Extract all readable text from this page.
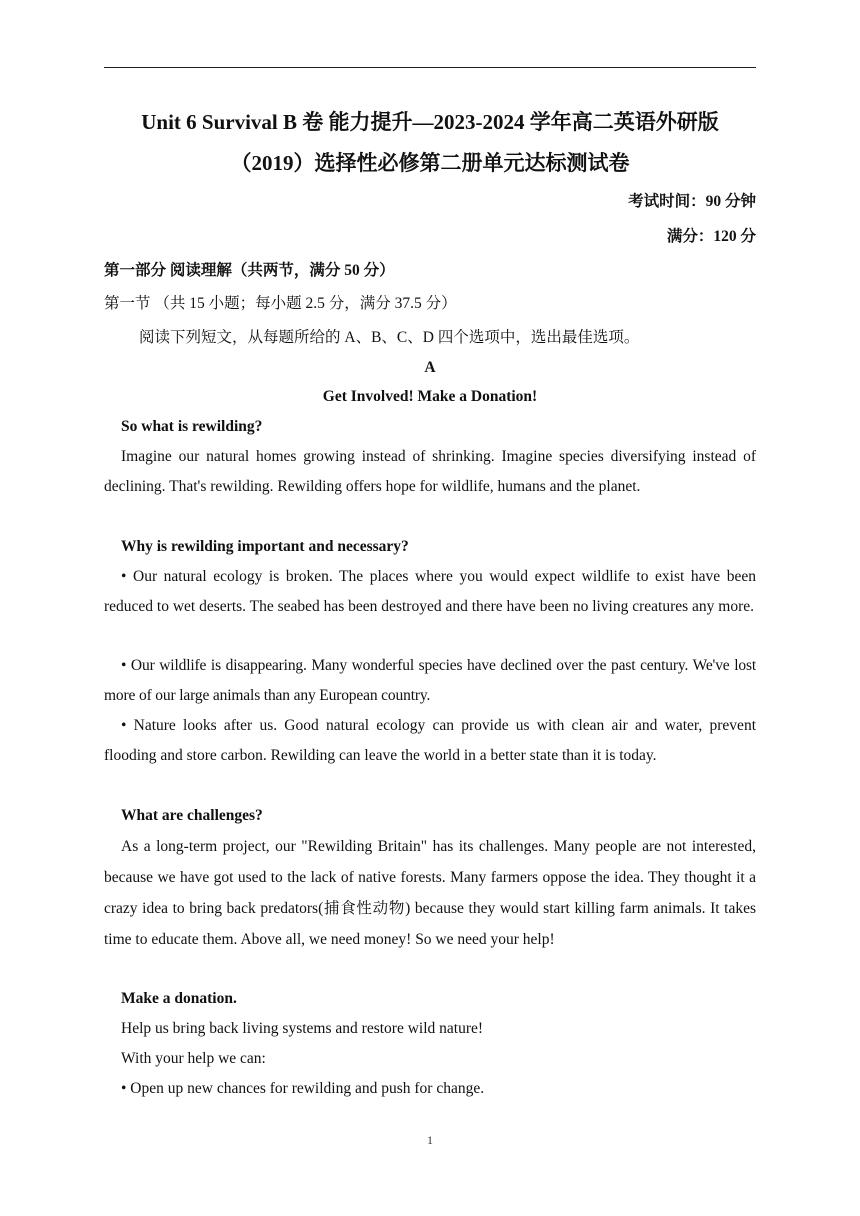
Unit 6 Survival B 卷 能力提升—2023-2024 学年高二英语外研版
（2019）选择性必修第二册单元达标测试卷
考试时间：90 分钟
满分：120 分
第一部分 阅读理解（共两节，满分 50 分）
第一节 （共 15 小题；每小题 2.5 分，满分 37.5 分）
阅读下列短文，从每题所给的 A、B、C、D 四个选项中，选出最佳选项。
A
Get Involved! Make a Donation!
So what is rewilding?

Imagine our natural homes growing instead of shrinking. Imagine species diversifying instead of declining. That's rewilding. Rewilding offers hope for wildlife, humans and the planet.

Why is rewilding important and necessary?

• Our natural ecology is broken. The places where you would expect wildlife to exist have been reduced to wet deserts. The seabed has been destroyed and there have been no living creatures any more.

• Our wildlife is disappearing. Many wonderful species have declined over the past century. We've lost more of our large animals than any European country.

• Nature looks after us. Good natural ecology can provide us with clean air and water, prevent flooding and store carbon. Rewilding can leave the world in a better state than it is today.

What are challenges?

As a long-term project, our "Rewilding Britain" has its challenges. Many people are not interested, because we have got used to the lack of native forests. Many farmers oppose the idea. They thought it a crazy idea to bring back predators(捕食性动物) because they would start killing farm animals. It takes time to educate them. Above all, we need money! So we need your help!

Make a donation.
Help us bring back living systems and restore wild nature!
With your help we can:
• Open up new chances for rewilding and push for change.
1
